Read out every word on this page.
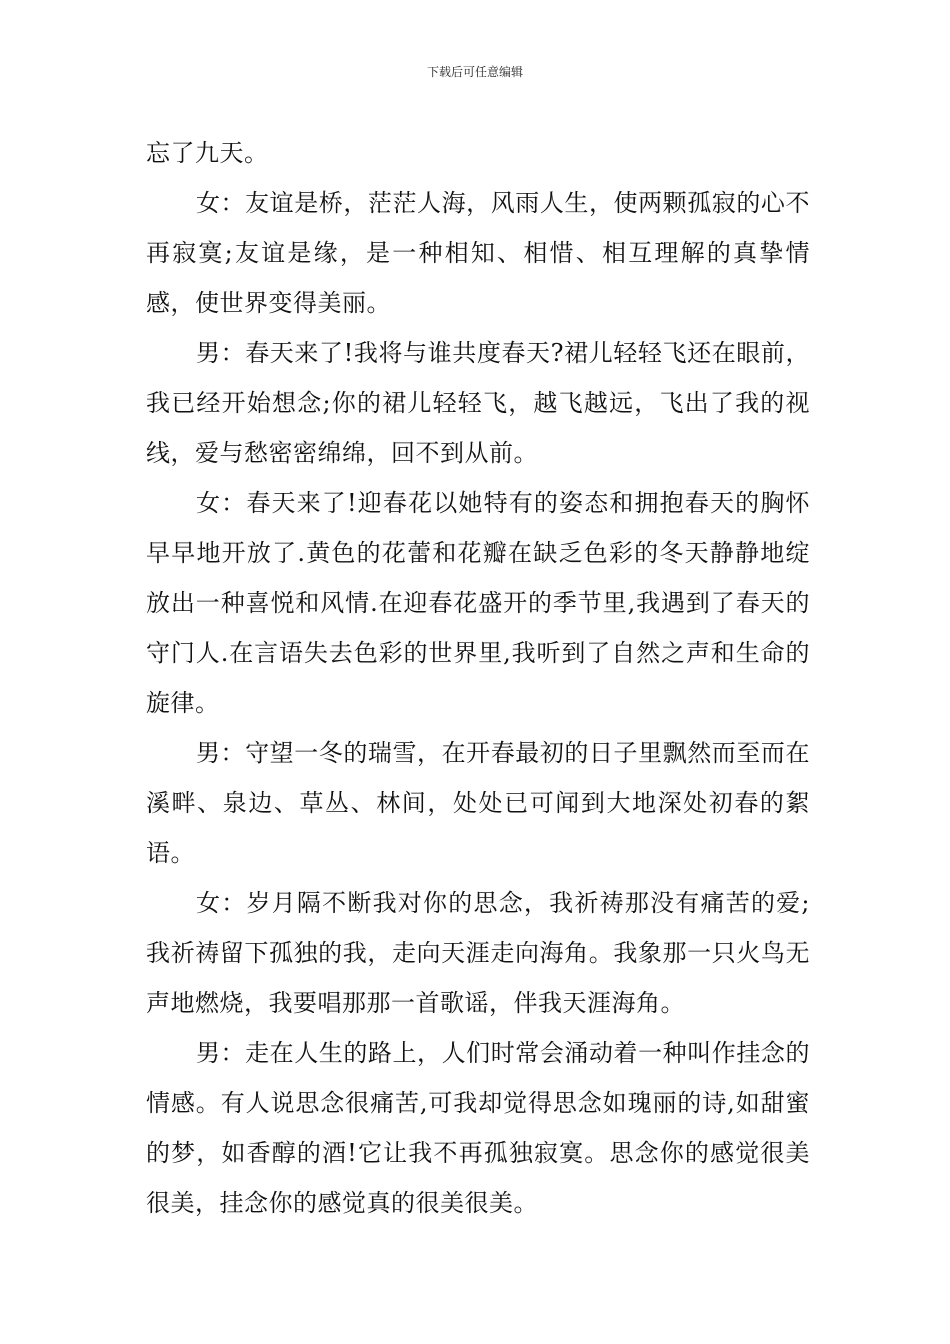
下载后可任意编辑

忘了九天。

女：友谊是桥，茫茫人海，风雨人生，使两颗孤寂的心不再寂寞;友谊是缘，是一种相知、相惜、相互理解的真挚情感，使世界变得美丽。

男：春天来了!我将与谁共度春天?裙儿轻轻飞还在眼前，我已经开始想念;你的裙儿轻轻飞，越飞越远，飞出了我的视线，爱与愁密密绵绵，回不到从前。

女：春天来了!迎春花以她特有的姿态和拥抱春天的胸怀早早地开放了.黄色的花蕾和花瓣在缺乏色彩的冬天静静地绽放出一种喜悦和风情.在迎春花盛开的季节里,我遇到了春天的守门人.在言语失去色彩的世界里,我听到了自然之声和生命的旋律。

男：守望一冬的瑞雪，在开春最初的日子里飘然而至而在溪畔、泉边、草丛、林间，处处已可闻到大地深处初春的絮语。

女：岁月隔不断我对你的思念，我祈祷那没有痛苦的爱;我祈祷留下孤独的我，走向天涯走向海角。我象那一只火鸟无声地燃烧，我要唱那那一首歌谣，伴我天涯海角。

男：走在人生的路上，人们时常会涌动着一种叫作挂念的情感。有人说思念很痛苦,可我却觉得思念如瑰丽的诗,如甜蜜的梦，如香醇的酒!它让我不再孤独寂寞。思念你的感觉很美很美，挂念你的感觉真的很美很美。
